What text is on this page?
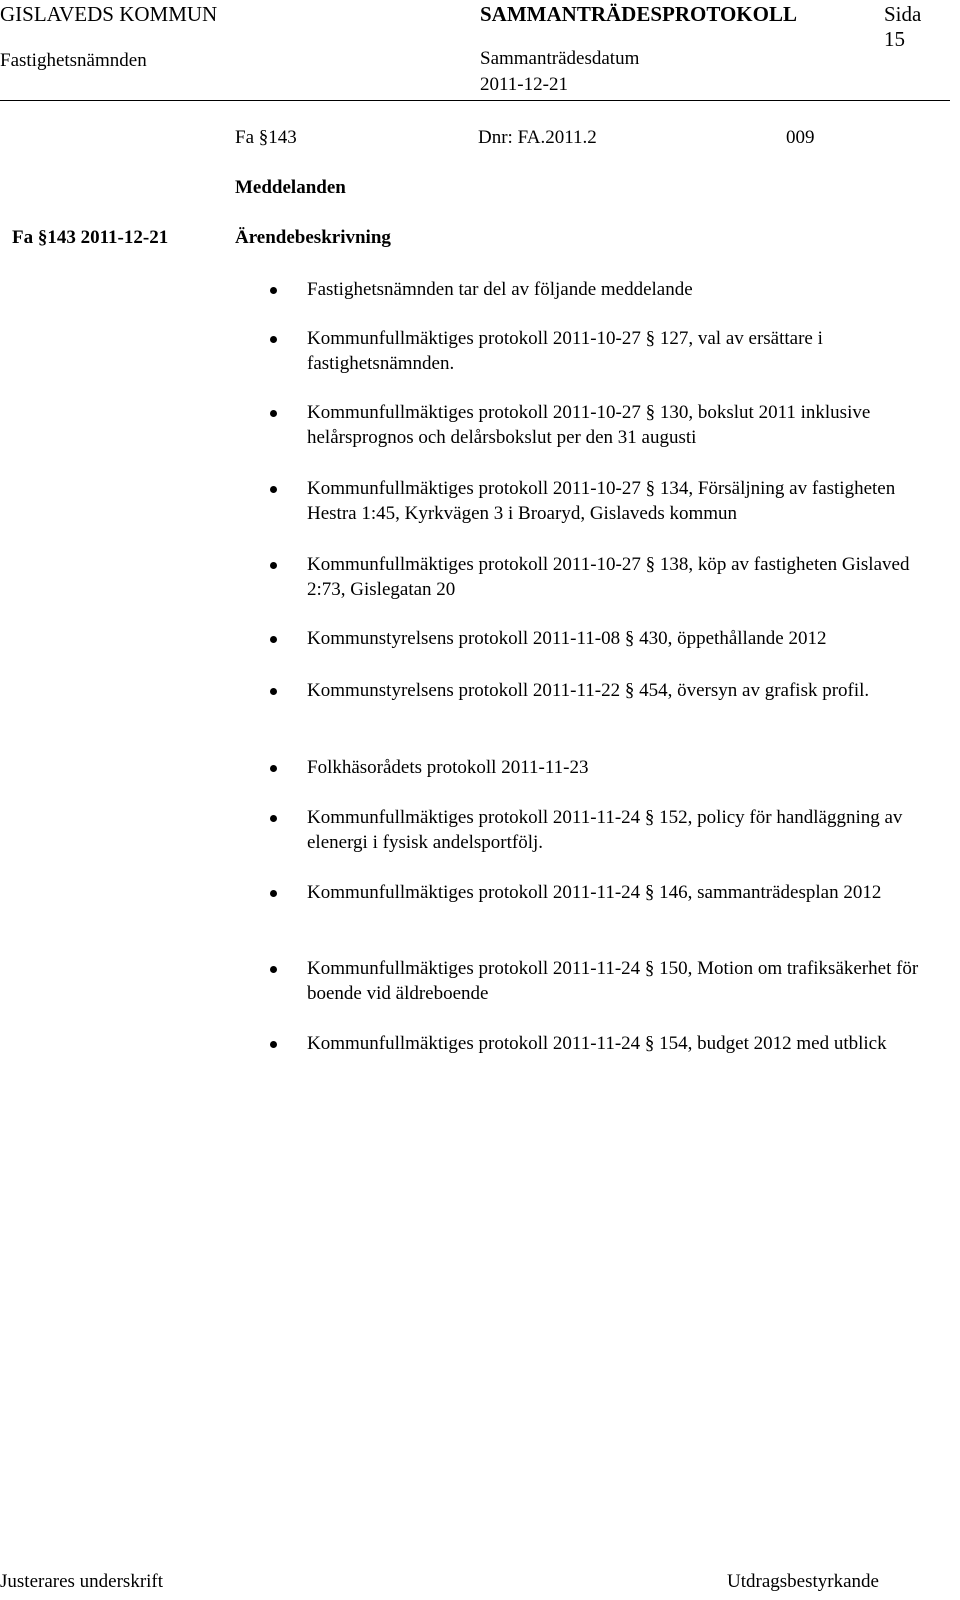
GISLAVEDS KOMMUN	SAMMANTRÄDESPROTOKOLL	Sida
15
Fastighetsnämnden	Sammanträdesdatum
2011-12-21
Fa §143	Dnr: FA.2011.2	009
Meddelanden
Fa §143 2011-12-21	Ärendebeskrivning
Fastighetsnämnden tar del av följande meddelande
Kommunfullmäktiges protokoll 2011-10-27 § 127, val av ersättare i fastighetsnämnden.
Kommunfullmäktiges protokoll 2011-10-27 § 130, bokslut 2011 inklusive helårsprognos och delårsbokslut per den 31 augusti
Kommunfullmäktiges protokoll 2011-10-27 § 134, Försäljning av fastigheten Hestra 1:45, Kyrkvägen 3 i Broaryd, Gislaveds kommun
Kommunfullmäktiges protokoll 2011-10-27 § 138, köp av fastigheten Gislaved 2:73, Gislegatan 20
Kommunstyrelsens protokoll 2011-11-08 § 430, öppethållande 2012
Kommunstyrelsens protokoll 2011-11-22 § 454, översyn av grafisk profil.
Folkhäsorådets protokoll 2011-11-23
Kommunfullmäktiges protokoll 2011-11-24 § 152, policy för handläggning av elenergi i fysisk andelsportfölj.
Kommunfullmäktiges protokoll 2011-11-24 § 146, sammanträdesplan 2012
Kommunfullmäktiges protokoll 2011-11-24 § 150, Motion om trafiksäkerhet för boende vid äldreboende
Kommunfullmäktiges protokoll 2011-11-24 § 154, budget 2012 med utblick
Justerares underskrift	Utdragsbestyrkande
